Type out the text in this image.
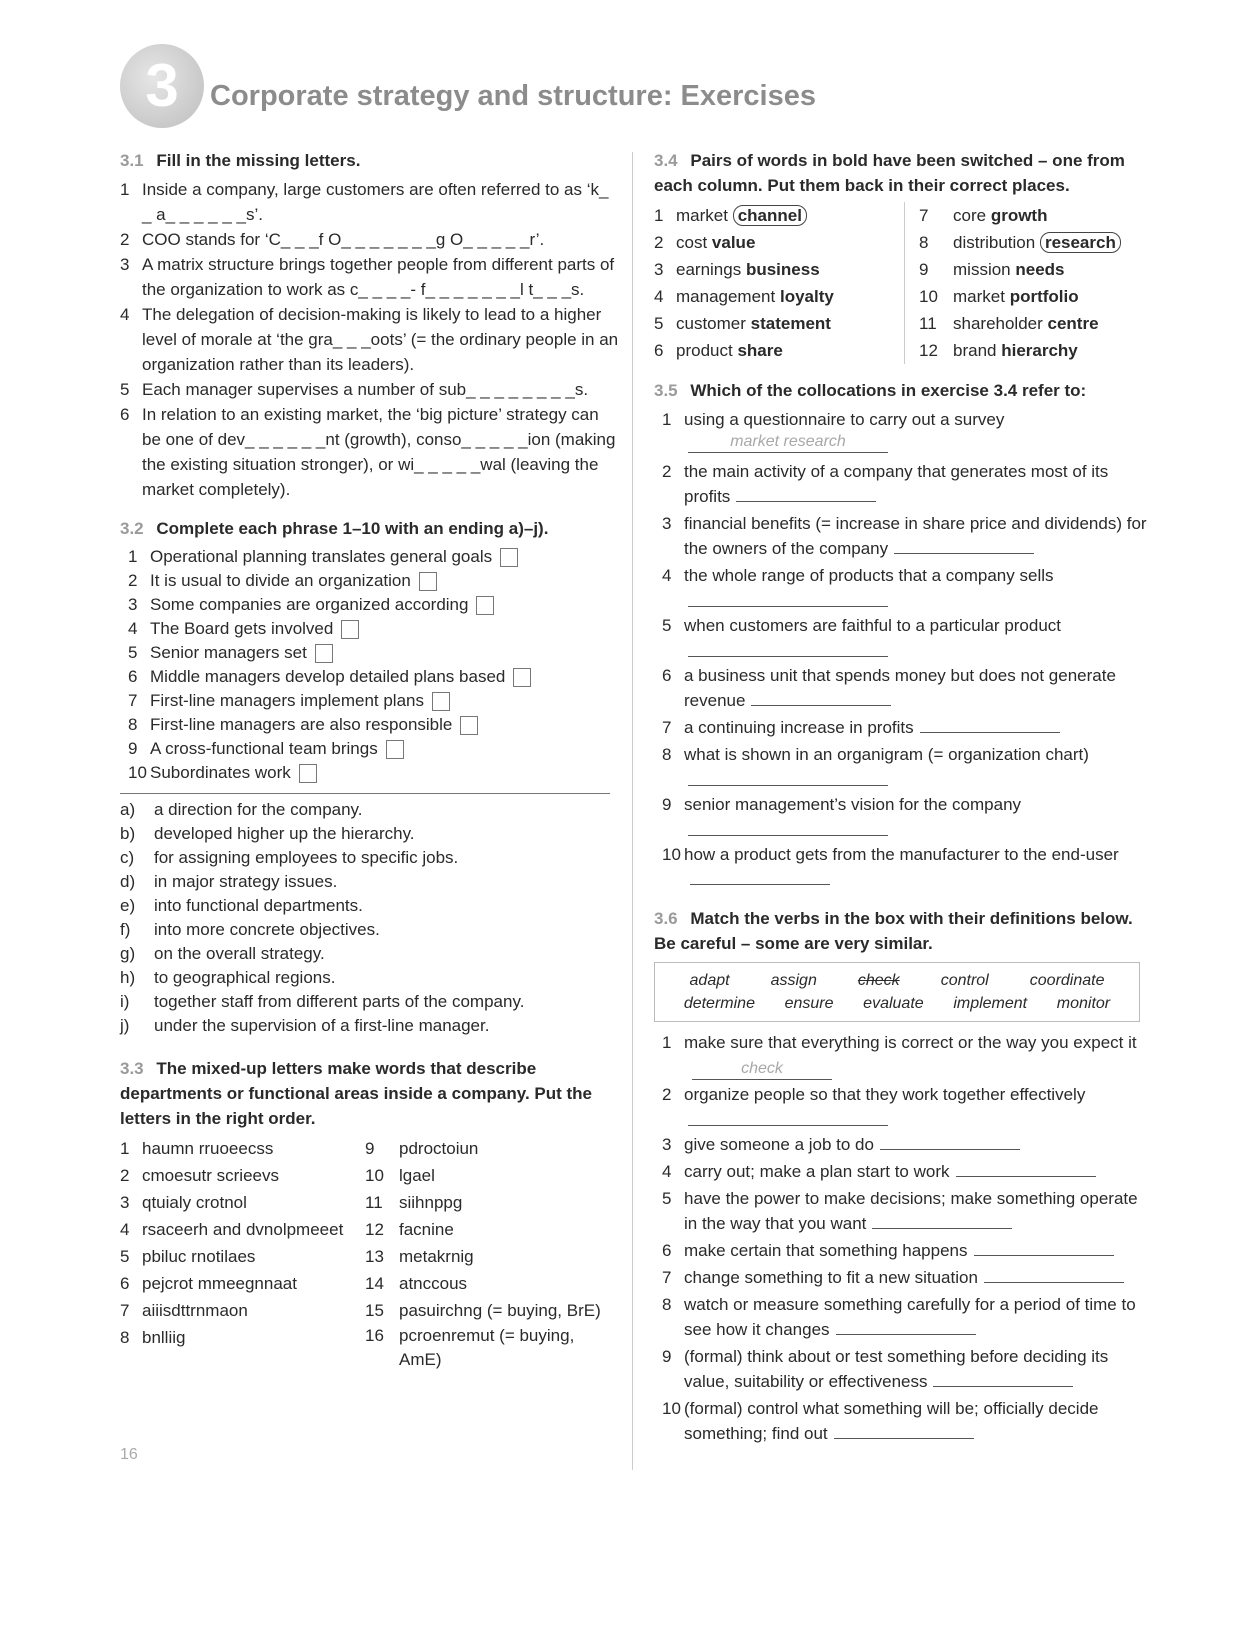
3	Corporate strategy and structure: Exercises
3.1 Fill in the missing letters.
1 Inside a company, large customers are often referred to as ‘k_ _ a_ _ _ _ _ _s’.
2 COO stands for ‘C_ _ _f O_ _ _ _ _ _ _g O_ _ _ _ _r’.
3 A matrix structure brings together people from different parts of the organization to work as c_ _ _ _- f_ _ _ _ _ _ _l t_ _ _s.
4 The delegation of decision-making is likely to lead to a higher level of morale at ‘the gra_ _ _oots’ (= the ordinary people in an organization rather than its leaders).
5 Each manager supervises a number of sub_ _ _ _ _ _ _ _s.
6 In relation to an existing market, the ‘big picture’ strategy can be one of dev_ _ _ _ _ _nt (growth), conso_ _ _ _ _ion (making the existing situation stronger), or wi_ _ _ _ _wal (leaving the market completely).
3.2 Complete each phrase 1–10 with an ending a)–j).
1 Operational planning translates general goals
2 It is usual to divide an organization
3 Some companies are organized according
4 The Board gets involved
5 Senior managers set
6 Middle managers develop detailed plans based
7 First-line managers implement plans
8 First-line managers are also responsible
9 A cross-functional team brings
10 Subordinates work
a)	a direction for the company.
b)	developed higher up the hierarchy.
c)	for assigning employees to specific jobs.
d)	in major strategy issues.
e)	into functional departments.
f)	into more concrete objectives.
g)	on the overall strategy.
h)	to geographical regions.
i)	together staff from different parts of the company.
j)	under the supervision of a first-line manager.
3.3 The mixed-up letters make words that describe departments or functional areas inside a company. Put the letters in the right order.
1 haumn rruoeecss	9	pdroctoiun
2 cmoesutr scrieevs	10 lgael
3 qtuialy crotnol	11 siihnppg
4 rsaceerh and dvnolpmeeet	12 facnine
5 pbiluc rnotilaes	13 metakrnig
6 pejcrot mmeegnnaat	14 atnccous
7 aiiisdttrnmaon	15 pasuirchng (= buying, BrE)
8 bnlliig	16 pcroenremut (= buying, AmE)
3.4 Pairs of words in bold have been switched – one from each column. Put them back in their correct places.
1 market channel	7	core growth
2 cost value	8	distribution research
3 earnings business	9	mission needs
4 management loyalty	10 market portfolio
5 customer statement	11 shareholder centre
6 product share	12 brand hierarchy
3.5 Which of the collocations in exercise 3.4 refer to:
1 using a questionnaire to carry out a survey
market research
2 the main activity of a company that generates most of its profits
3 financial benefits (= increase in share price and dividends) for the owners of the company
4 the whole range of products that a company sells
5 when customers are faithful to a particular product
6 a business unit that spends money but does not generate revenue
7 a continuing increase in profits
8 what is shown in an organigram (= organization chart)
9 senior management’s vision for the company
10 how a product gets from the manufacturer to the end-user
3.6 Match the verbs in the box with their definitions below. Be careful – some are very similar.
adapt	assign	check	control	coordinate
determine ensure evaluate implement monitor
1 make sure that everything is correct or the way you expect itcheck
2 organize people so that they work together effectively
3 give someone a job to do
4 carry out; make a plan start to work
5 have the power to make decisions; make something operate in the way that you want
6 make certain that something happens
7 change something to fit a new situation
8 watch or measure something carefully for a period of time to see how it changes
9 (formal) think about or test something before deciding its value, suitability or effectiveness
10 (formal) control what something will be; officially decide something; find out
16
